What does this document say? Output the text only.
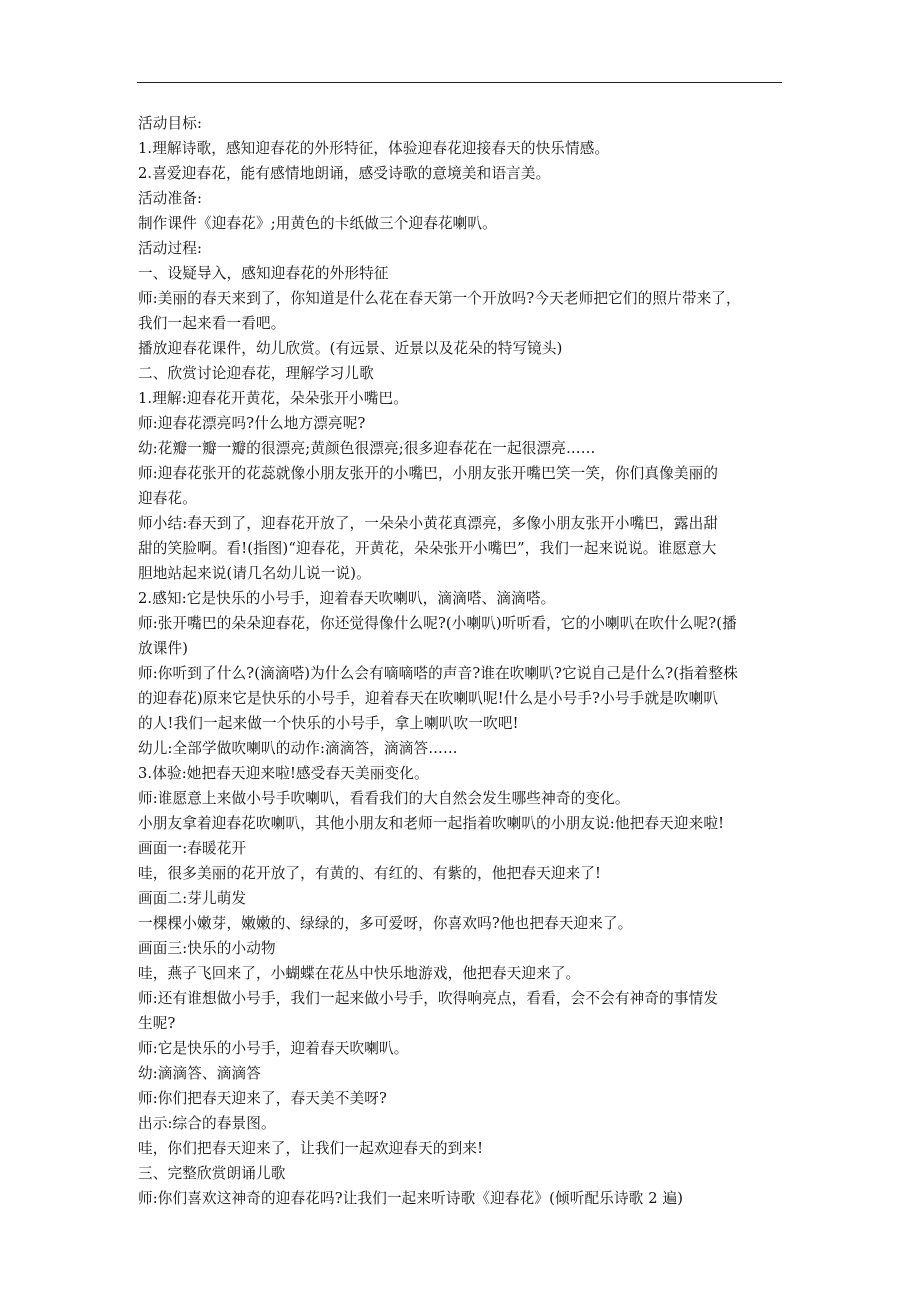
活动目标:
1.理解诗歌，感知迎春花的外形特征，体验迎春花迎接春天的快乐情感。
2.喜爱迎春花，能有感情地朗诵，感受诗歌的意境美和语言美。
活动准备:
制作课件《迎春花》;用黄色的卡纸做三个迎春花喇叭。
活动过程:
一、设疑导入，感知迎春花的外形特征
师:美丽的春天来到了，你知道是什么花在春天第一个开放吗?今天老师把它们的照片带来了，
我们一起来看一看吧。
播放迎春花课件，幼儿欣赏。(有远景、近景以及花朵的特写镜头)
二、欣赏讨论迎春花，理解学习儿歌
1.理解:迎春花开黄花，朵朵张开小嘴巴。
师:迎春花漂亮吗?什么地方漂亮呢?
幼:花瓣一瓣一瓣的很漂亮;黄颜色很漂亮;很多迎春花在一起很漂亮……
师:迎春花张开的花蕊就像小朋友张开的小嘴巴，小朋友张开嘴巴笑一笑，你们真像美丽的
迎春花。
师小结:春天到了，迎春花开放了，一朵朵小黄花真漂亮，多像小朋友张开小嘴巴，露出甜
甜的笑脸啊。看!(指图)“迎春花，开黄花，朵朵张开小嘴巴”，我们一起来说说。谁愿意大
胆地站起来说(请几名幼儿说一说)。
2.感知:它是快乐的小号手，迎着春天吹喇叭，滴滴嗒、滴滴嗒。
师:张开嘴巴的朵朵迎春花，你还觉得像什么呢?(小喇叭)听听看，它的小喇叭在吹什么呢?(播
放课件)
师:你听到了什么?(滴滴嗒)为什么会有嘀嘀嗒的声音?谁在吹喇叭?它说自己是什么?(指着整株
的迎春花)原来它是快乐的小号手，迎着春天在吹喇叭呢!什么是小号手?小号手就是吹喇叭
的人!我们一起来做一个快乐的小号手，拿上喇叭吹一吹吧!
幼儿:全部学做吹喇叭的动作:滴滴答，滴滴答……
3.体验:她把春天迎来啦!感受春天美丽变化。
师:谁愿意上来做小号手吹喇叭，看看我们的大自然会发生哪些神奇的变化。
小朋友拿着迎春花吹喇叭，其他小朋友和老师一起指着吹喇叭的小朋友说:他把春天迎来啦!
画面一:春暖花开
哇，很多美丽的花开放了，有黄的、有红的、有紫的，他把春天迎来了!
画面二:芽儿萌发
一棵棵小嫩芽，嫩嫩的、绿绿的，多可爱呀，你喜欢吗?他也把春天迎来了。
画面三:快乐的小动物
哇，燕子飞回来了，小蝴蝶在花丛中快乐地游戏，他把春天迎来了。
师:还有谁想做小号手，我们一起来做小号手，吹得响亮点，看看，会不会有神奇的事情发
生呢?
师:它是快乐的小号手，迎着春天吹喇叭。
幼:滴滴答、滴滴答
师:你们把春天迎来了，春天美不美呀?
出示:综合的春景图。
哇，你们把春天迎来了，让我们一起欢迎春天的到来!
三、完整欣赏朗诵儿歌
师:你们喜欢这神奇的迎春花吗?让我们一起来听诗歌《迎春花》(倾听配乐诗歌 2 遍)
